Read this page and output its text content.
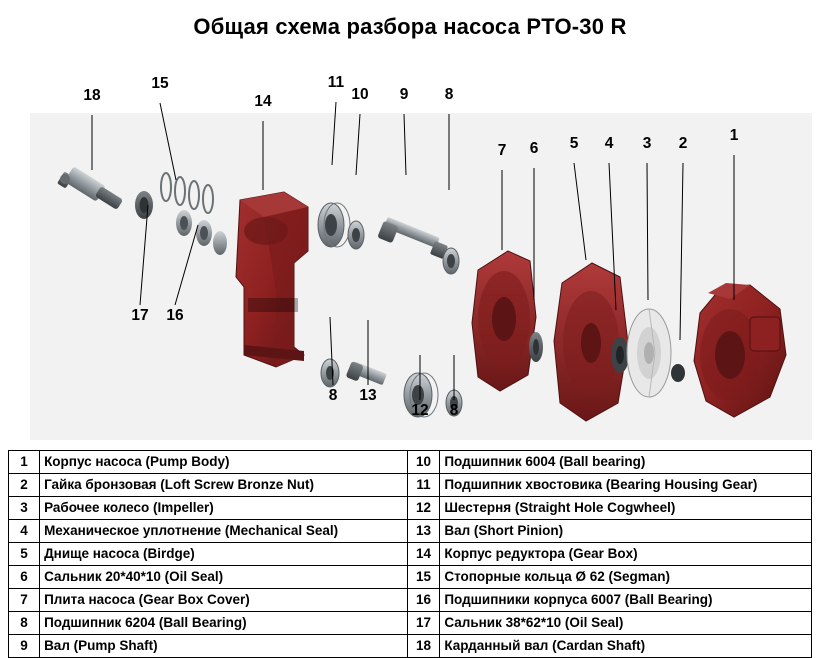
Общая схема разбора насоса PTO-30 R
18
15
14
11
10 9 8
7 6 5 4 3 2	1
17 16
8 13
12 8
1	Корпус насоса (Pump Body)	10	Подшипник 6004 (Ball bearing)
2	Гайка бронзовая (Loft Screw Bronze Nut)	11	Подшипник хвостовика (Bearing Housing Gear)
3	Рабочее колесо (Impeller)	12	Шестерня (Straight Hole Cogwheel)
4	Механическое уплотнение (Mechanical Seal)	13	Вал (Short Pinion)
5	Днище насоса (Birdge)	14	Корпус редуктора (Gear Box)
6	Сальник 20*40*10 (Oil Seal)	15	Стопорные кольца Ø 62 (Segman)
7	Плита насоса (Gear Box Cover)	16	Подшипники корпуса 6007 (Ball Bearing)
8	Подшипник 6204 (Ball Bearing)	17	Сальник 38*62*10 (Oil Seal)
9	Вал (Pump Shaft)	18	Карданный вал (Cardan Shaft)
